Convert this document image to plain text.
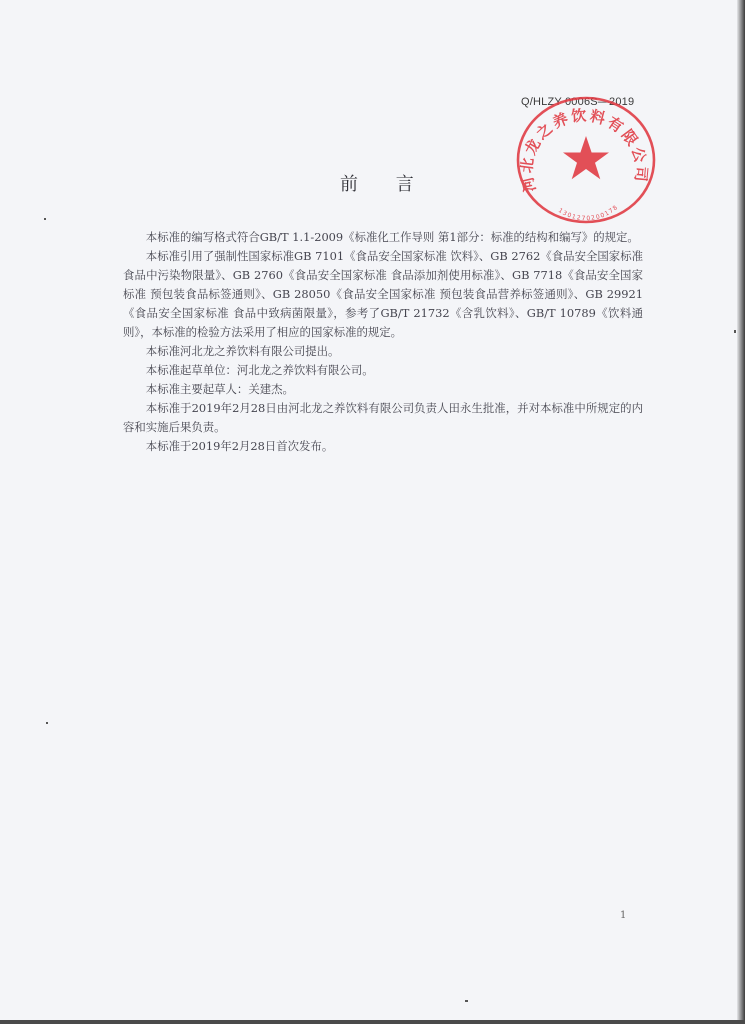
Q/HLZY 0006S—2019
河北龙之养饮料有限公司
1301270200178
前 言

本标准的编写格式符合GB/T 1.1-2009《标准化工作导则 第1部分：标准的结构和编写》的规定。

本标准引用了强制性国家标准GB 7101《食品安全国家标准 饮料》、GB 2762《食品安全国家标准 食品中污染物限量》、GB 2760《食品安全国家标准 食品添加剂使用标准》、GB 7718《食品安全国家标准 预包装食品标签通则》、GB 28050《食品安全国家标准 预包装食品营养标签通则》、GB 29921《食品安全国家标准 食品中致病菌限量》，参考了GB/T 21732《含乳饮料》、GB/T 10789《饮料通则》，本标准的检验方法采用了相应的国家标准的规定。

本标准河北龙之养饮料有限公司提出。

本标准起草单位：河北龙之养饮料有限公司。

本标准主要起草人：关建杰。

本标准于2019年2月28日由河北龙之养饮料有限公司负责人田永生批准，并对本标准中所规定的内容和实施后果负责。

本标准于2019年2月28日首次发布。

1
